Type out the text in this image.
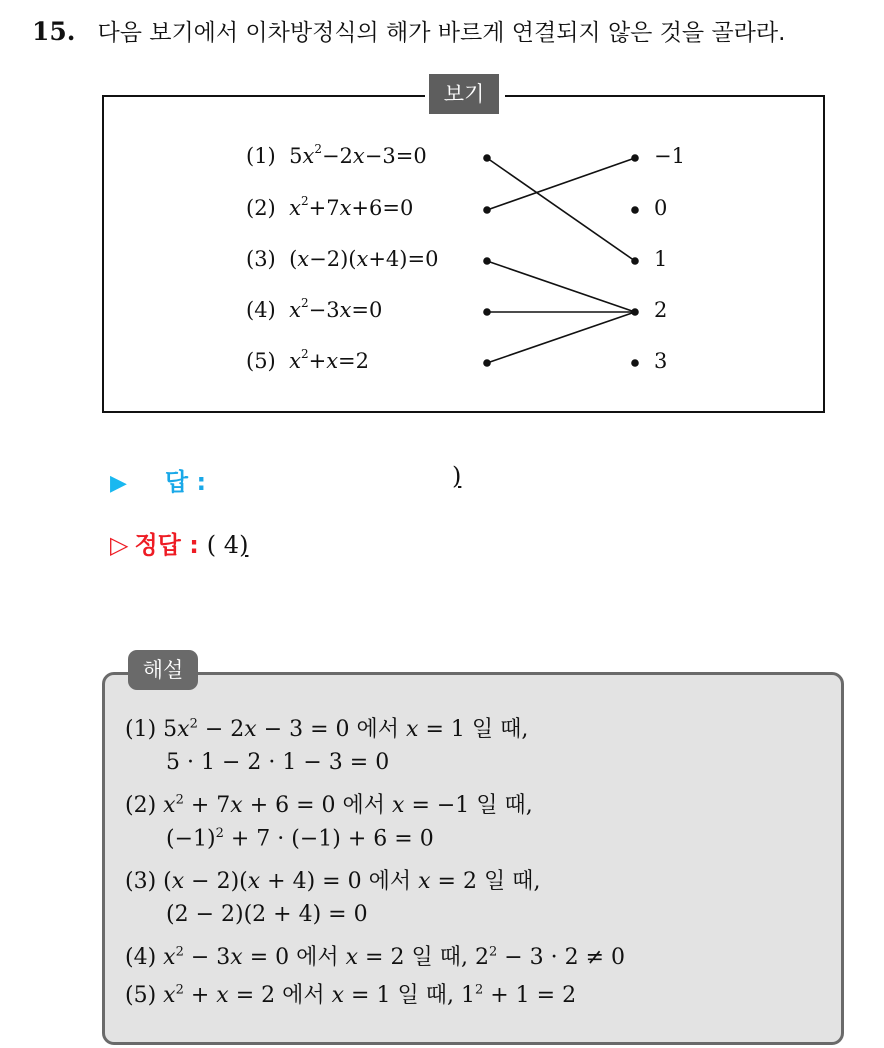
15. 다음 보기에서 이차방정식의 해가 바르게 연결되지 않은 것을 골라라.
보기
(1)  $5x^2-2x-3=0$
(2) $x^2+7x+6=0$
(3)  (x−2)(x+4)=0
(4) $x^2-3x=0$
(5) $x^2+x=2$
−1
0
1
2
3
▶ 답 :	)
▷ 정답 : ( 4)
해설
(1) $5x^2 - 2x - 3 = 0$ 에서 x = 1 일 때,
5 · 1 − 2 · 1 − 3 = 0
(2) $x^2 + 7x + 6 = 0$ 에서 x = −1 일 때,
$(-1)^2 + 7 \cdot (-1) + 6 = 0$
(3) (x − 2)(x + 4) = 0 에서 x = 2 일 때,
(2 − 2)(2 + 4) = 0
(4) $x^2 - 3x = 0$ 에서 x = 2 일 때, $2^2 - 3 \cdot 2 \ne 0$
(5) $x^2 + x = 2$ 에서 x = 1 일 때, $1^2 + 1 = 2$
